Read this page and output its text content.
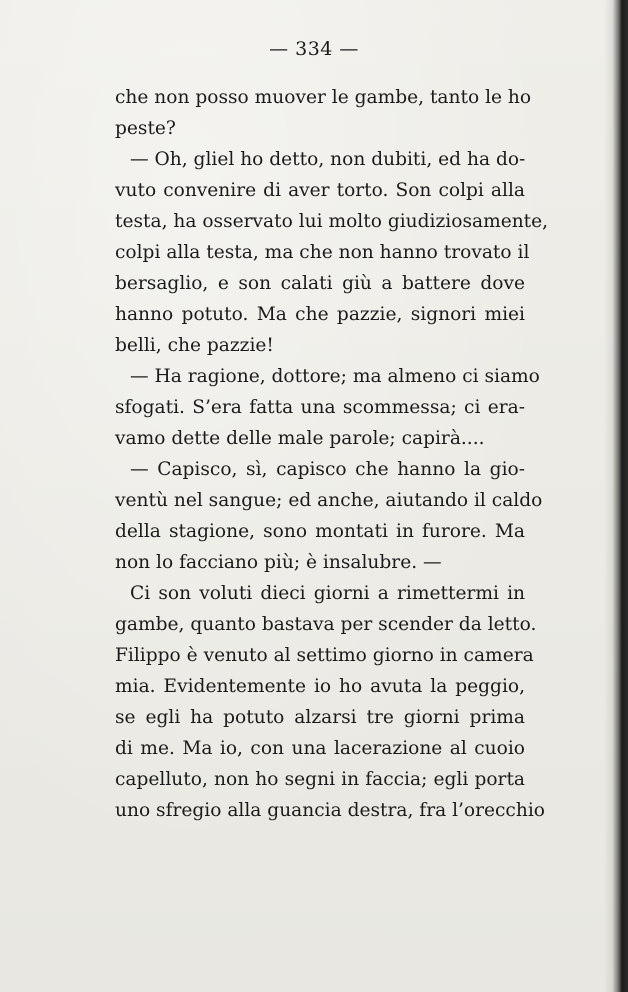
— 334 —
che non posso muover le gambe, tanto le ho
peste?
— Oh, gliel ho detto, non dubiti, ed ha do-
vuto convenire di aver torto. Son colpi alla
testa, ha osservato lui molto giudiziosamente,
colpi alla testa, ma che non hanno trovato il
bersaglio, e son calati giù a battere dove
hanno potuto. Ma che pazzie, signori miei
belli, che pazzie!
— Ha ragione, dottore; ma almeno ci siamo
sfogati. S’era fatta una scommessa; ci era-
vamo dette delle male parole; capirà....
— Capisco, sì, capisco che hanno la gio-
ventù nel sangue; ed anche, aiutando il caldo
della stagione, sono montati in furore. Ma
non lo facciano più; è insalubre. —
Ci son voluti dieci giorni a rimettermi in
gambe, quanto bastava per scender da letto.
Filippo è venuto al settimo giorno in camera
mia. Evidentemente io ho avuta la peggio,
se egli ha potuto alzarsi tre giorni prima
di me. Ma io, con una lacerazione al cuoio
capelluto, non ho segni in faccia; egli porta
uno sfregio alla guancia destra, fra l’orecchio
